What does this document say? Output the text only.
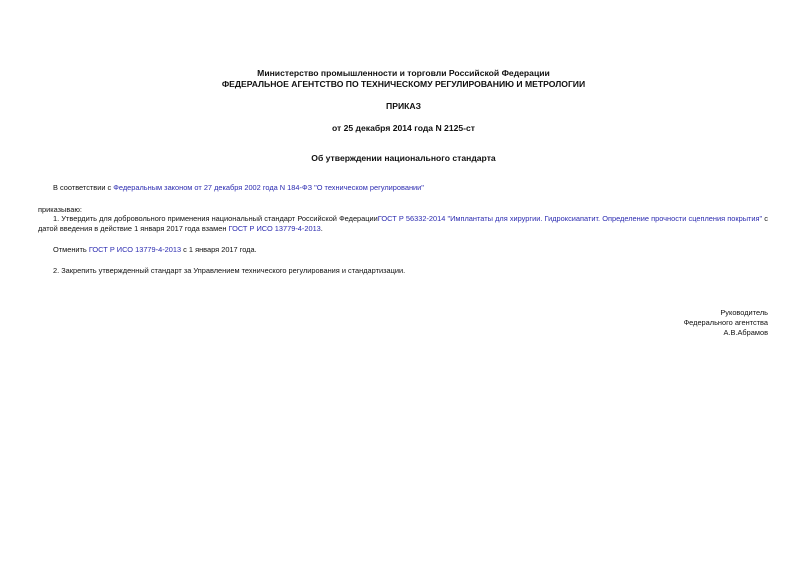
Министерство промышленности и торговли Российской Федерации
ФЕДЕРАЛЬНОЕ АГЕНТСТВО ПО ТЕХНИЧЕСКОМУ РЕГУЛИРОВАНИЮ И МЕТРОЛОГИИ
ПРИКАЗ
от 25 декабря 2014 года N 2125-ст
Об утверждении национального стандарта
В соответствии с Федеральным законом от 27 декабря 2002 года N 184-ФЗ "О техническом регулировании"
приказываю:
1. Утвердить для добровольного применения национальный стандарт Российской ФедерацииГОСТ Р 56332-2014 "Имплантаты для хирургии. Гидроксиапатит. Определение прочности сцепления покрытия" с
датой введения в действие 1 января 2017 года взамен ГОСТ Р ИСО 13779-4-2013.
Отменить ГОСТ Р ИСО 13779-4-2013 с 1 января 2017 года.
2. Закрепить утвержденный стандарт за Управлением технического регулирования и стандартизации.
Руководитель
Федерального агентства
А.В.Абрамов
